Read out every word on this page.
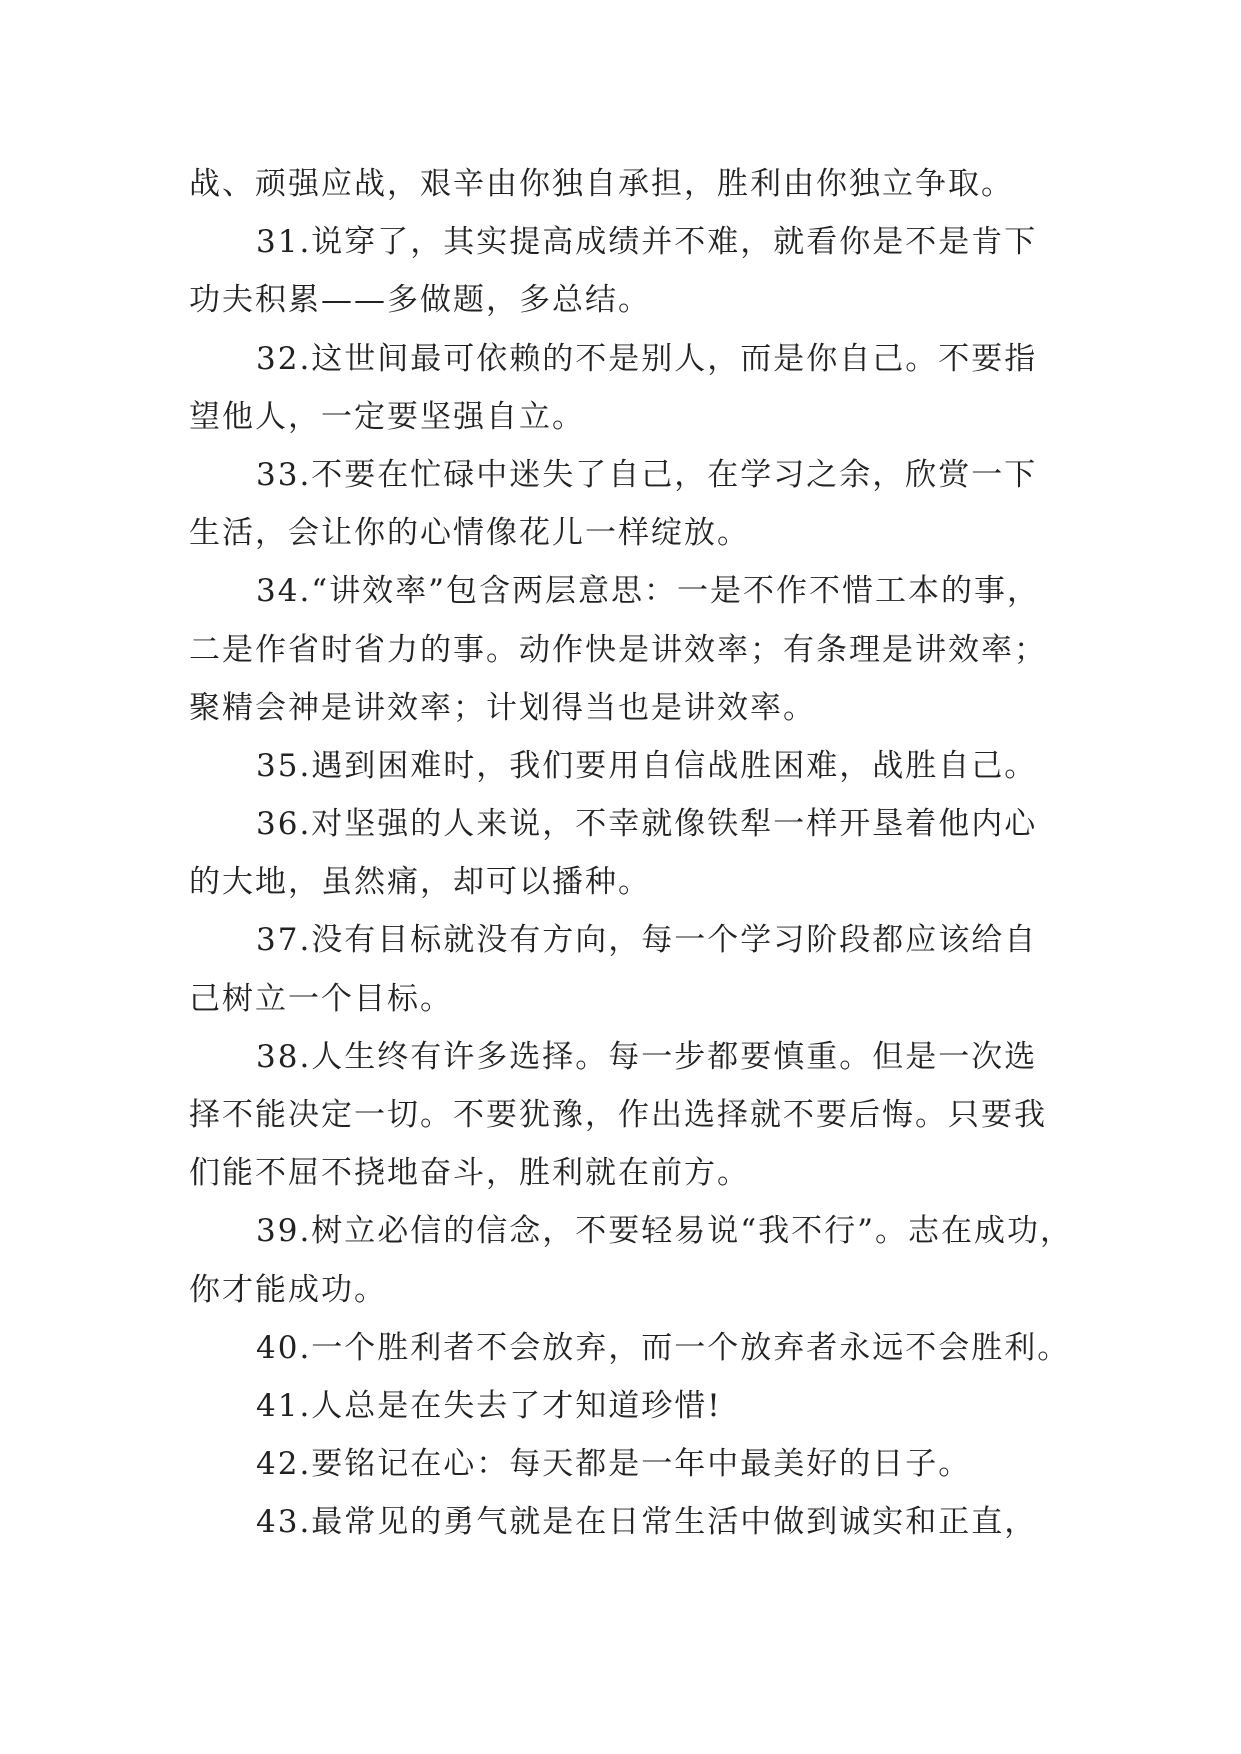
战、顽强应战，艰辛由你独自承担，胜利由你独立争取。
31.说穿了，其实提高成绩并不难，就看你是不是肯下
功夫积累——多做题，多总结。
32.这世间最可依赖的不是别人，而是你自己。不要指
望他人，一定要坚强自立。
33.不要在忙碌中迷失了自己，在学习之余，欣赏一下
生活，会让你的心情像花儿一样绽放。
34.“讲效率”包含两层意思：一是不作不惜工本的事，
二是作省时省力的事。动作快是讲效率；有条理是讲效率；
聚精会神是讲效率；计划得当也是讲效率。
35.遇到困难时，我们要用自信战胜困难，战胜自己。
36.对坚强的人来说，不幸就像铁犁一样开垦着他内心
的大地，虽然痛，却可以播种。
37.没有目标就没有方向，每一个学习阶段都应该给自
己树立一个目标。
38.人生终有许多选择。每一步都要慎重。但是一次选
择不能决定一切。不要犹豫，作出选择就不要后悔。只要我
们能不屈不挠地奋斗，胜利就在前方。
39.树立必信的信念，不要轻易说“我不行”。志在成功，
你才能成功。
40.一个胜利者不会放弃，而一个放弃者永远不会胜利。
41.人总是在失去了才知道珍惜!
42.要铭记在心：每天都是一年中最美好的日子。
43.最常见的勇气就是在日常生活中做到诚实和正直，
